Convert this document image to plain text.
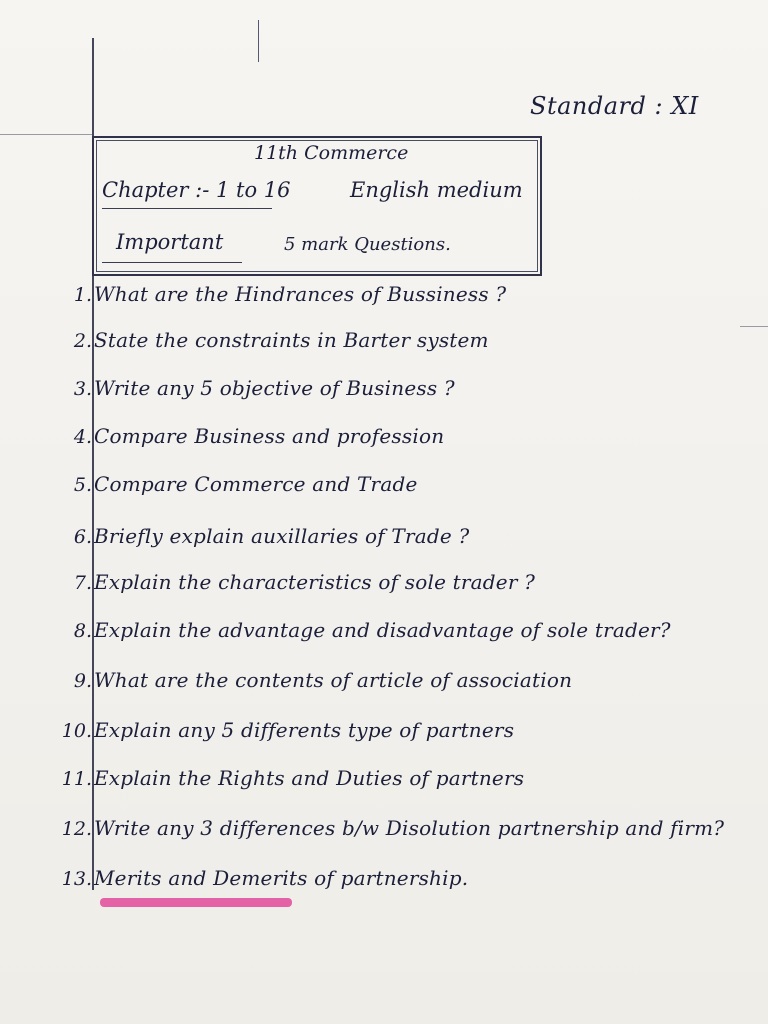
Standard : XI
11th Commerce
Chapter :- 1 to 16	English medium
Important	5 mark Questions.
1. What are the Hindrances of Bussiness ?
2. State the constraints in Barter system
3. Write any 5 objective of Business ?
4. Compare Business and profession
5. Compare Commerce and Trade
6. Briefly explain auxillaries of Trade ?
7. Explain the characteristics of sole trader ?
8. Explain the advantage and disadvantage of sole trader?
9. What are the contents of article of association
10. Explain any 5 differents type of partners
11. Explain the Rights and Duties of partners
12. Write any 3 differences b/w Disolution partnership and firm?
13. Merits and Demerits of partnership.
